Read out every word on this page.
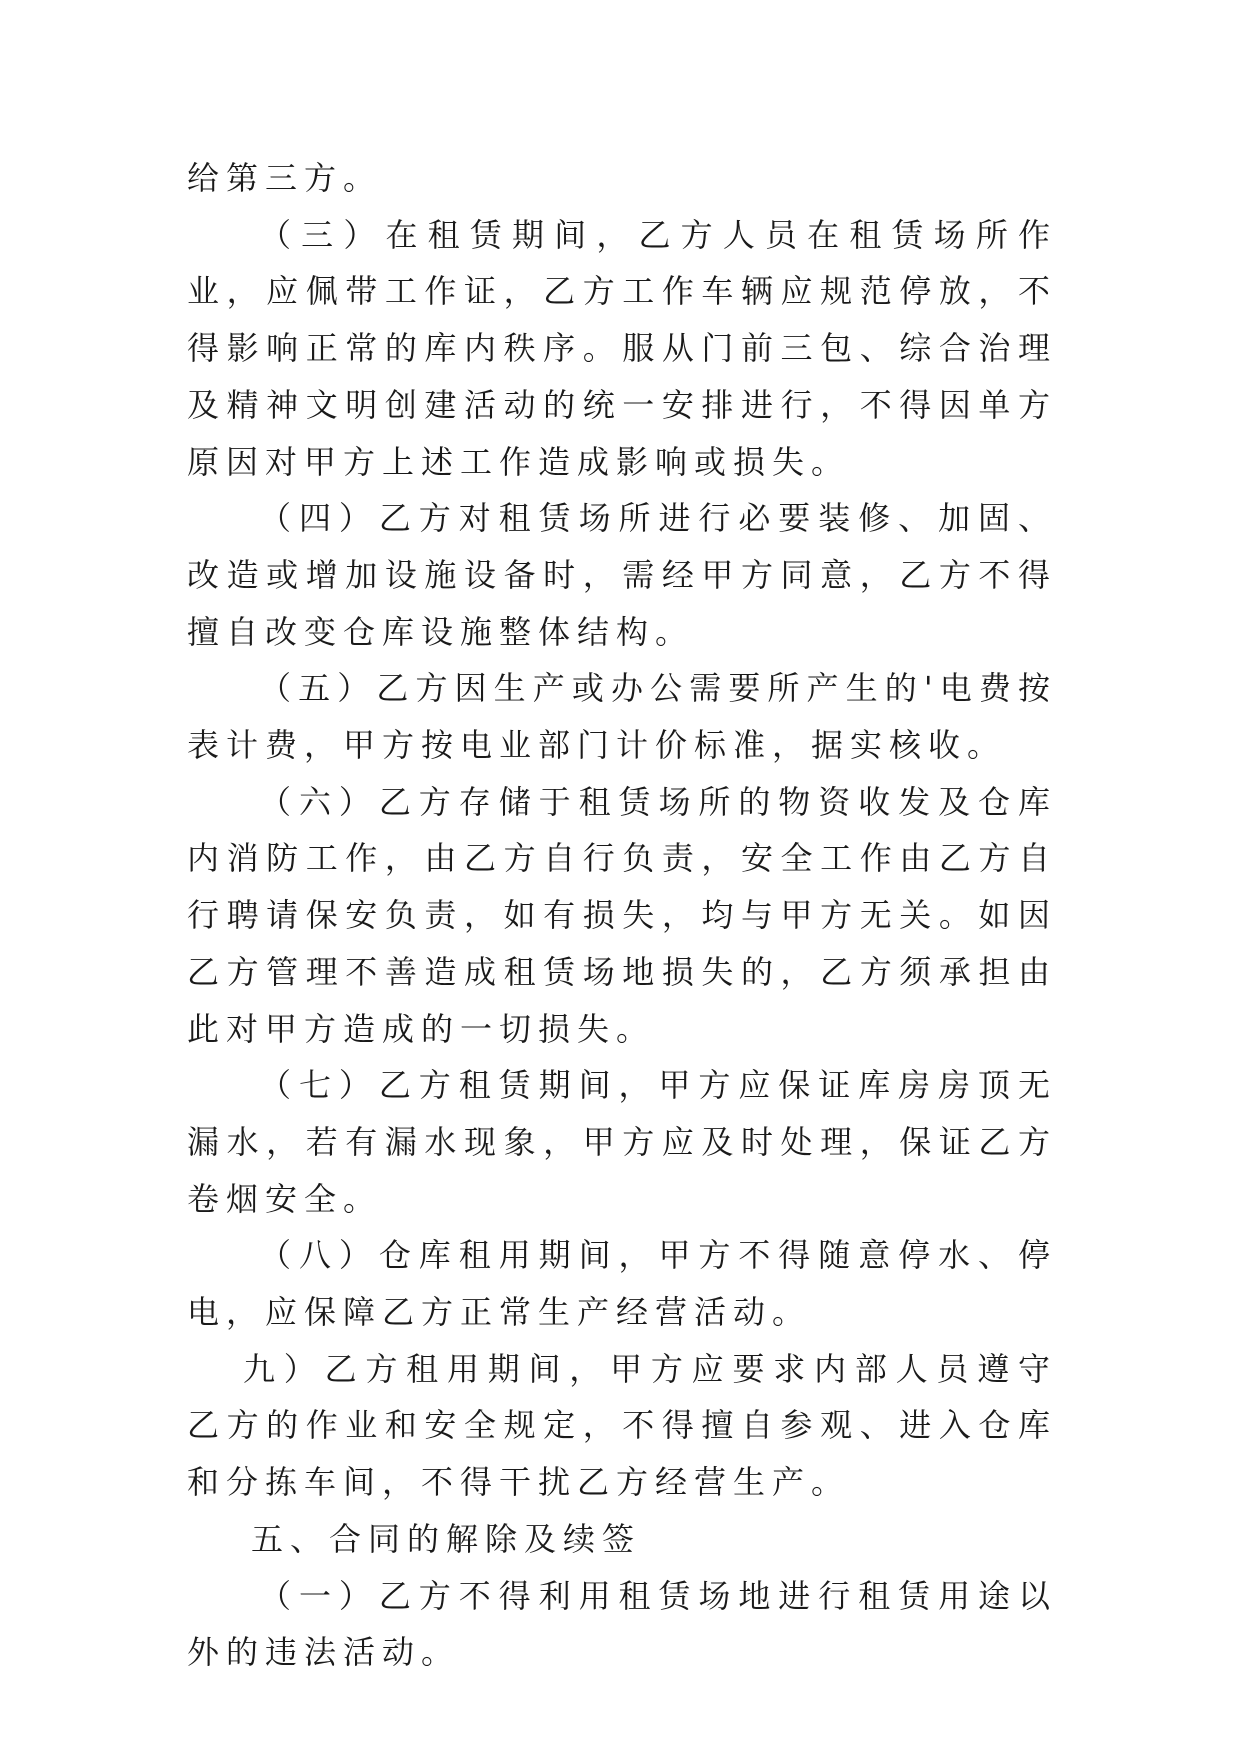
给第三方。

（三）在租赁期间，乙方人员在租赁场所作业，应佩带工作证，乙方工作车辆应规范停放，不得影响正常的库内秩序。服从门前三包、综合治理及精神文明创建活动的统一安排进行，不得因单方原因对甲方上述工作造成影响或损失。

（四）乙方对租赁场所进行必要装修、加固、改造或增加设施设备时，需经甲方同意，乙方不得擅自改变仓库设施整体结构。

（五）乙方因生产或办公需要所产生的'电费按表计费，甲方按电业部门计价标准，据实核收。

（六）乙方存储于租赁场所的物资收发及仓库内消防工作，由乙方自行负责，安全工作由乙方自行聘请保安负责，如有损失，均与甲方无关。如因乙方管理不善造成租赁场地损失的，乙方须承担由此对甲方造成的一切损失。

（七）乙方租赁期间，甲方应保证库房房顶无漏水，若有漏水现象，甲方应及时处理，保证乙方卷烟安全。

（八）仓库租用期间，甲方不得随意停水、停电，应保障乙方正常生产经营活动。

九）乙方租用期间，甲方应要求内部人员遵守乙方的作业和安全规定，不得擅自参观、进入仓库和分拣车间，不得干扰乙方经营生产。

五、合同的解除及续签

（一）乙方不得利用租赁场地进行租赁用途以外的违法活动。
